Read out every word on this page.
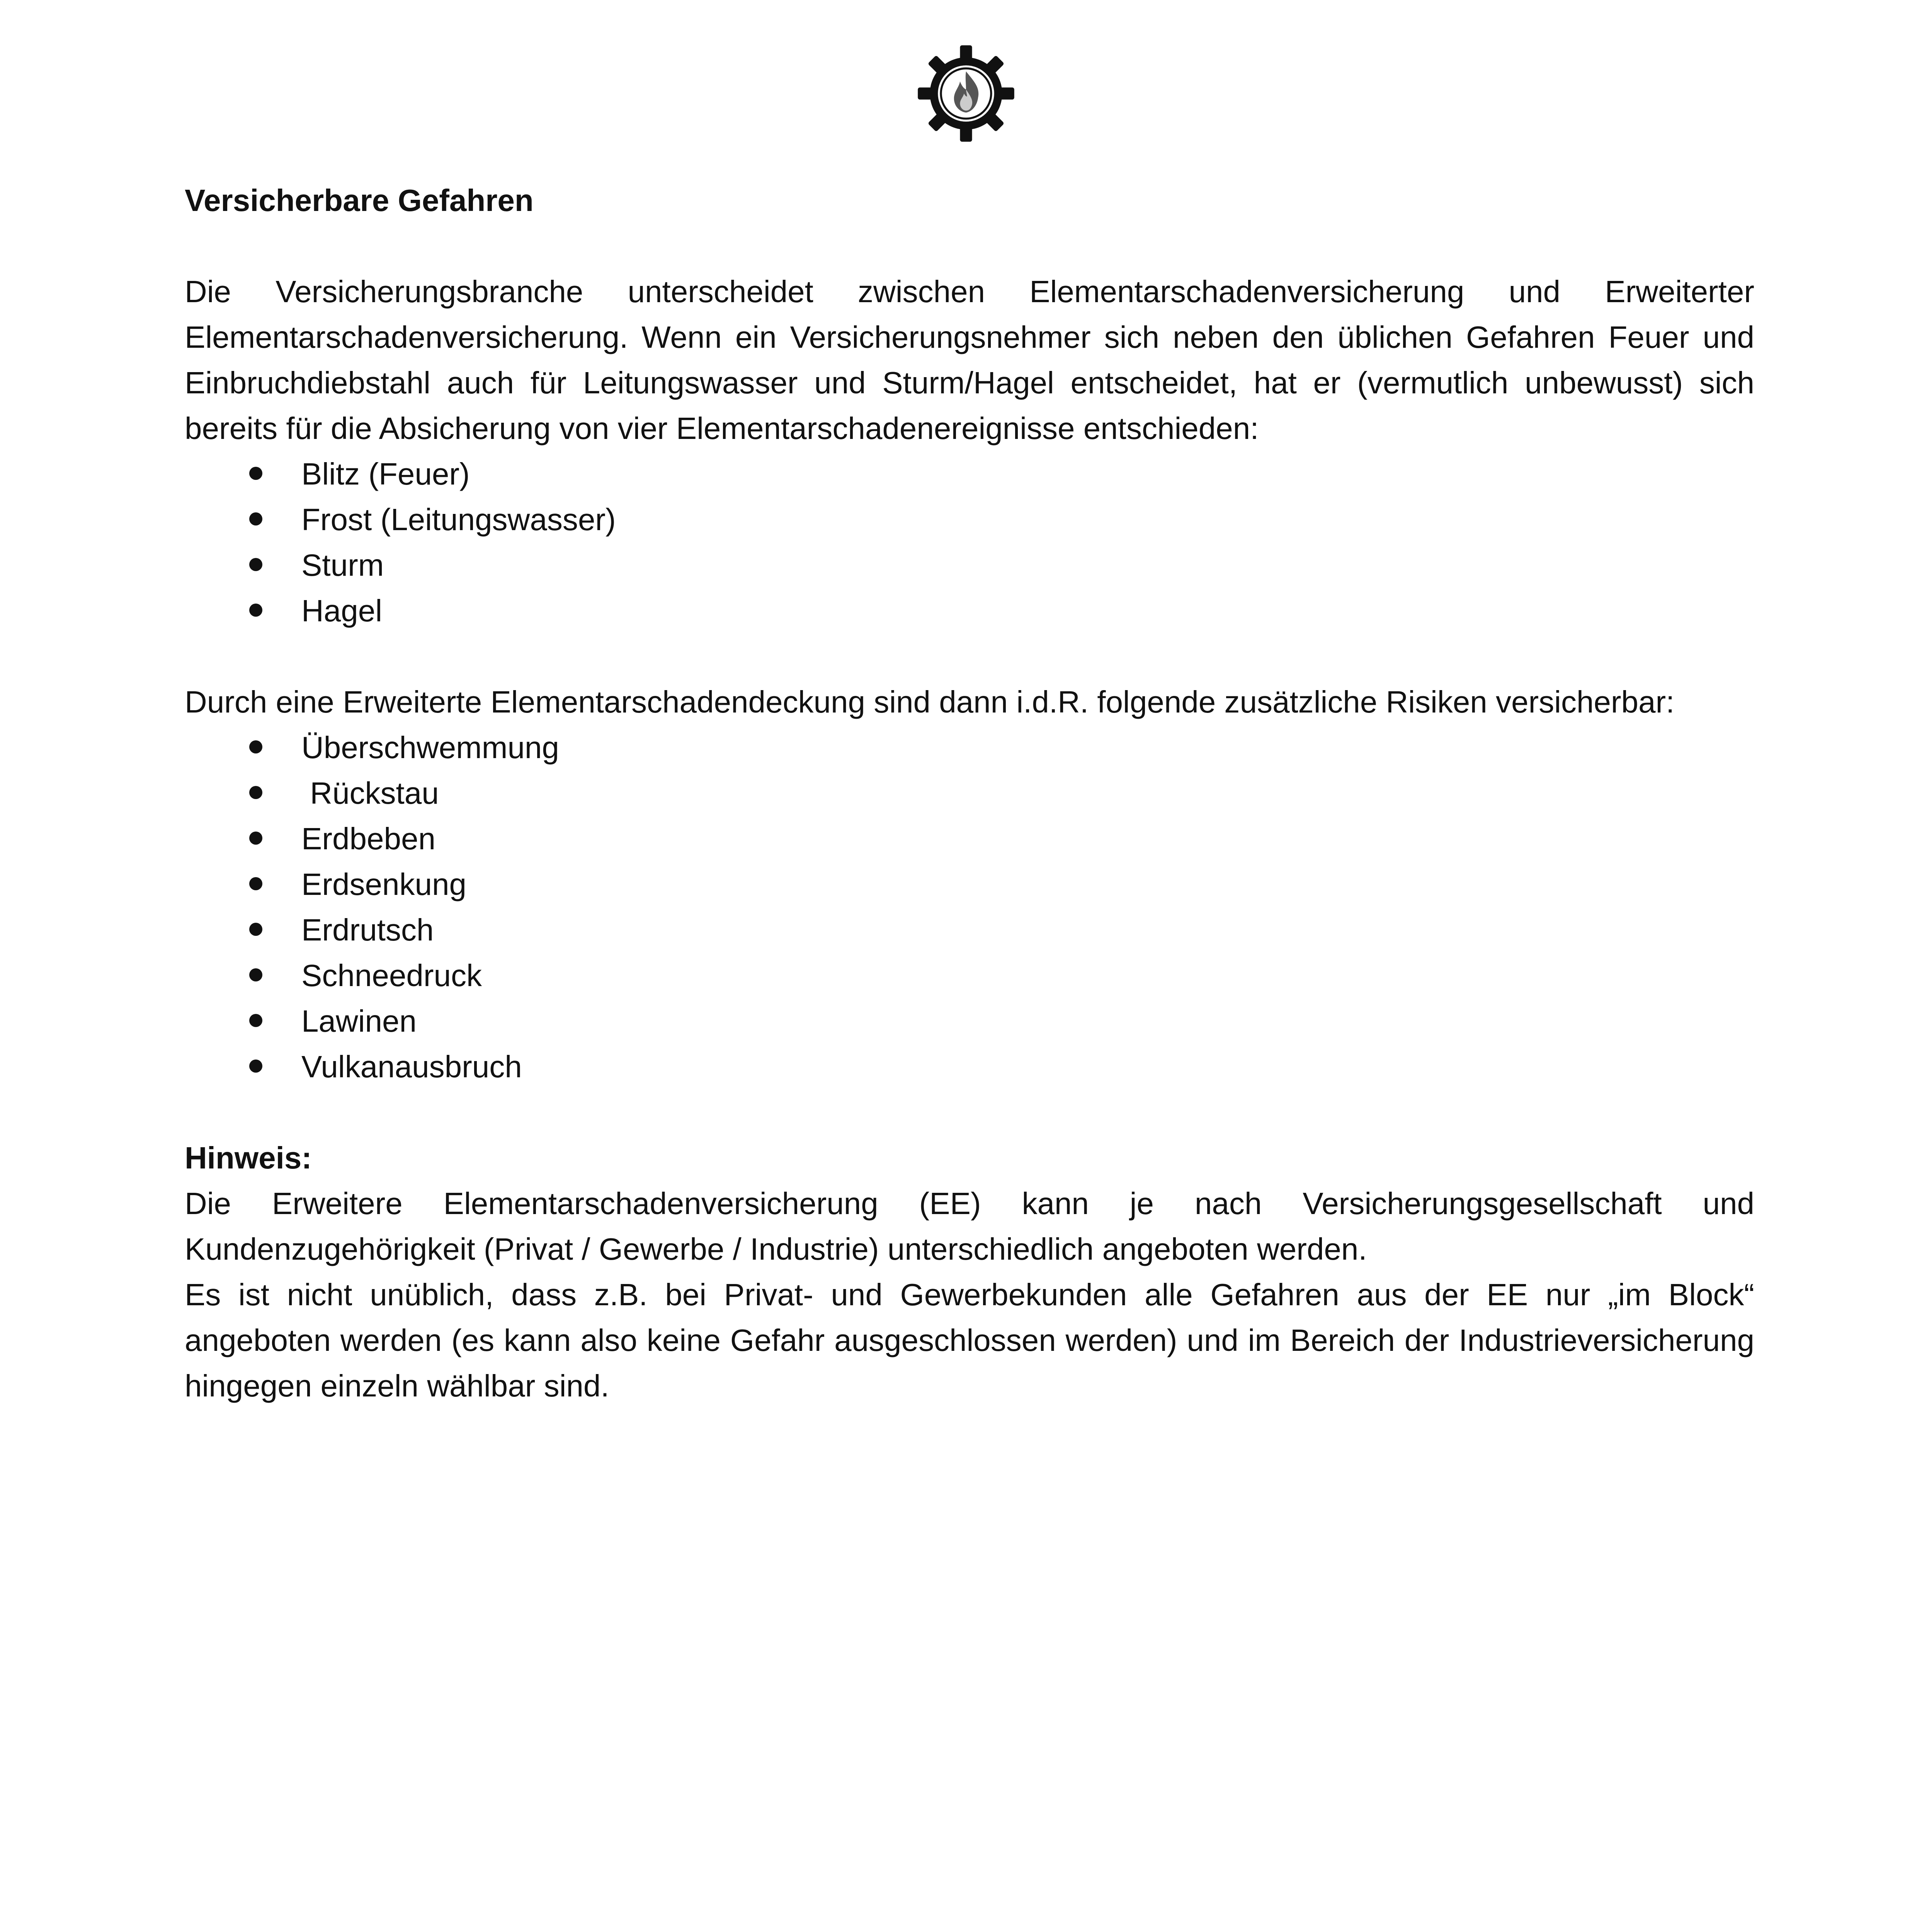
Versicherbare Gefahren

Die Versicherungsbranche unterscheidet zwischen Elementarschadenversicherung und Erweiterter Elementarschadenversicherung. Wenn ein Versicherungsnehmer sich neben den üblichen Gefahren Feuer und Einbruchdiebstahl auch für Leitungswasser und Sturm/Hagel entscheidet, hat er (vermutlich unbewusst) sich bereits für die Absicherung von vier Elementarschadenereignisse entschieden:

Blitz (Feuer)
Frost (Leitungswasser)
Sturm
Hagel

Durch eine Erweiterte Elementarschadendeckung sind dann i.d.R. folgende zusätzliche Risiken versicherbar:

Überschwemmung
Rückstau
Erdbeben
Erdsenkung
Erdrutsch
Schneedruck
Lawinen
Vulkanausbruch

Hinweis:

Die Erweitere Elementarschadenversicherung (EE) kann je nach Versicherungsgesellschaft und Kundenzugehörigkeit (Privat / Gewerbe / Industrie) unterschiedlich angeboten werden.

Es ist nicht unüblich, dass z.B. bei Privat- und Gewerbekunden alle Gefahren aus der EE nur „im Block“ angeboten werden (es kann also keine Gefahr ausgeschlossen werden) und im Bereich der Industrieversicherung hingegen einzeln wählbar sind.
